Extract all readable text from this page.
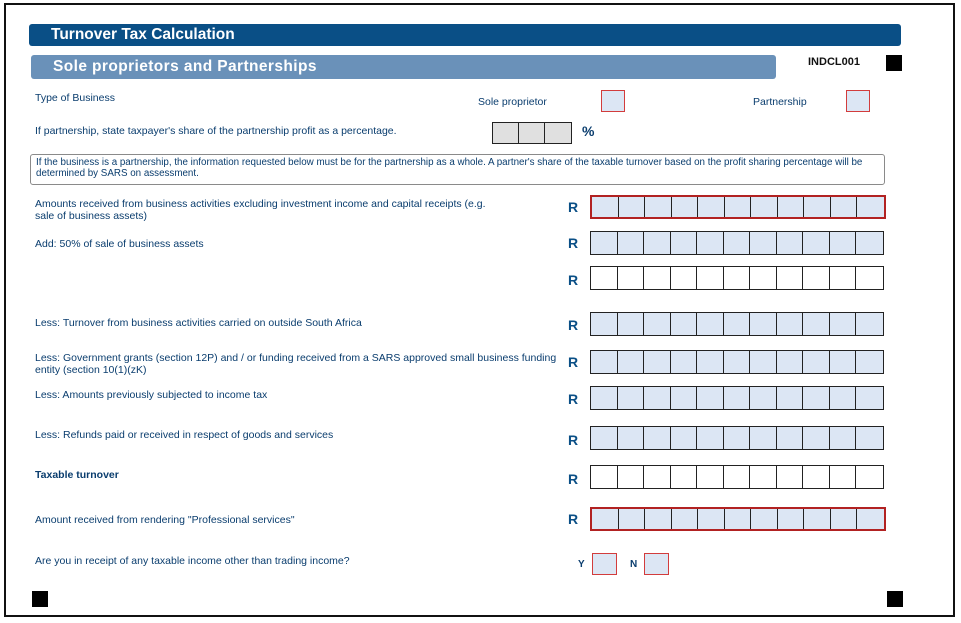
Turnover Tax Calculation
Sole proprietors and Partnerships	INDCL001
Type of Business	Sole proprietor	Partnership
If partnership, state taxpayer's share of the partnership profit as a percentage.	%
If the business is a partnership, the information requested below must be for the partnership as a whole. A partner's share of the taxable turnover based on the profit sharing percentage will be determined by SARS on assessment.
Amounts received from business activities excluding investment income and capital receipts (e.g. sale of business assets)
R
Add: 50% of sale of business assets	R
R
Less: Turnover from business activities carried on outside South Africa	R
Less: Government grants (section 12P) and / or funding received from a SARS approved small business funding entity (section 10(1)(zK)	R
Less: Amounts previously subjected to income tax	R
Less: Refunds paid or received in respect of goods and services	R
Taxable turnover	R
Amount received from rendering "Professional services"	R
Are you in receipt of any taxable income other than trading income?	Y	N
